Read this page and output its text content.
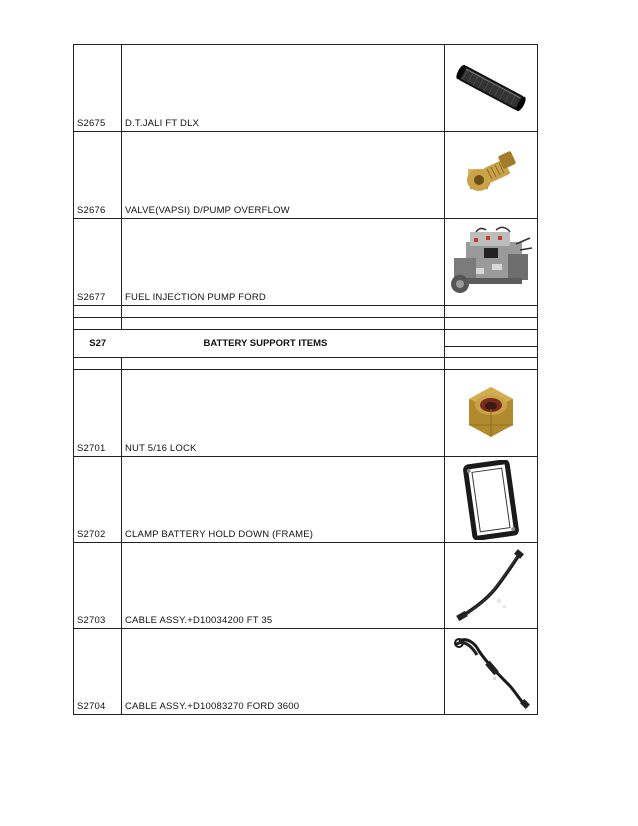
S2675	D.T.JALI FT DLX	

S2676	VALVE(VAPSI) D/PUMP OVERFLOW	

S2677	FUEL INJECTION PUMP FORD	

S27	BATTERY SUPPORT ITEMS	

S2701	NUT 5/16 LOCK	

S2702	CLAMP BATTERY HOLD DOWN (FRAME)	

S2703	CABLE ASSY.+D10034200 FT 35	

S2704	CABLE ASSY.+D10083270 FORD 3600	
